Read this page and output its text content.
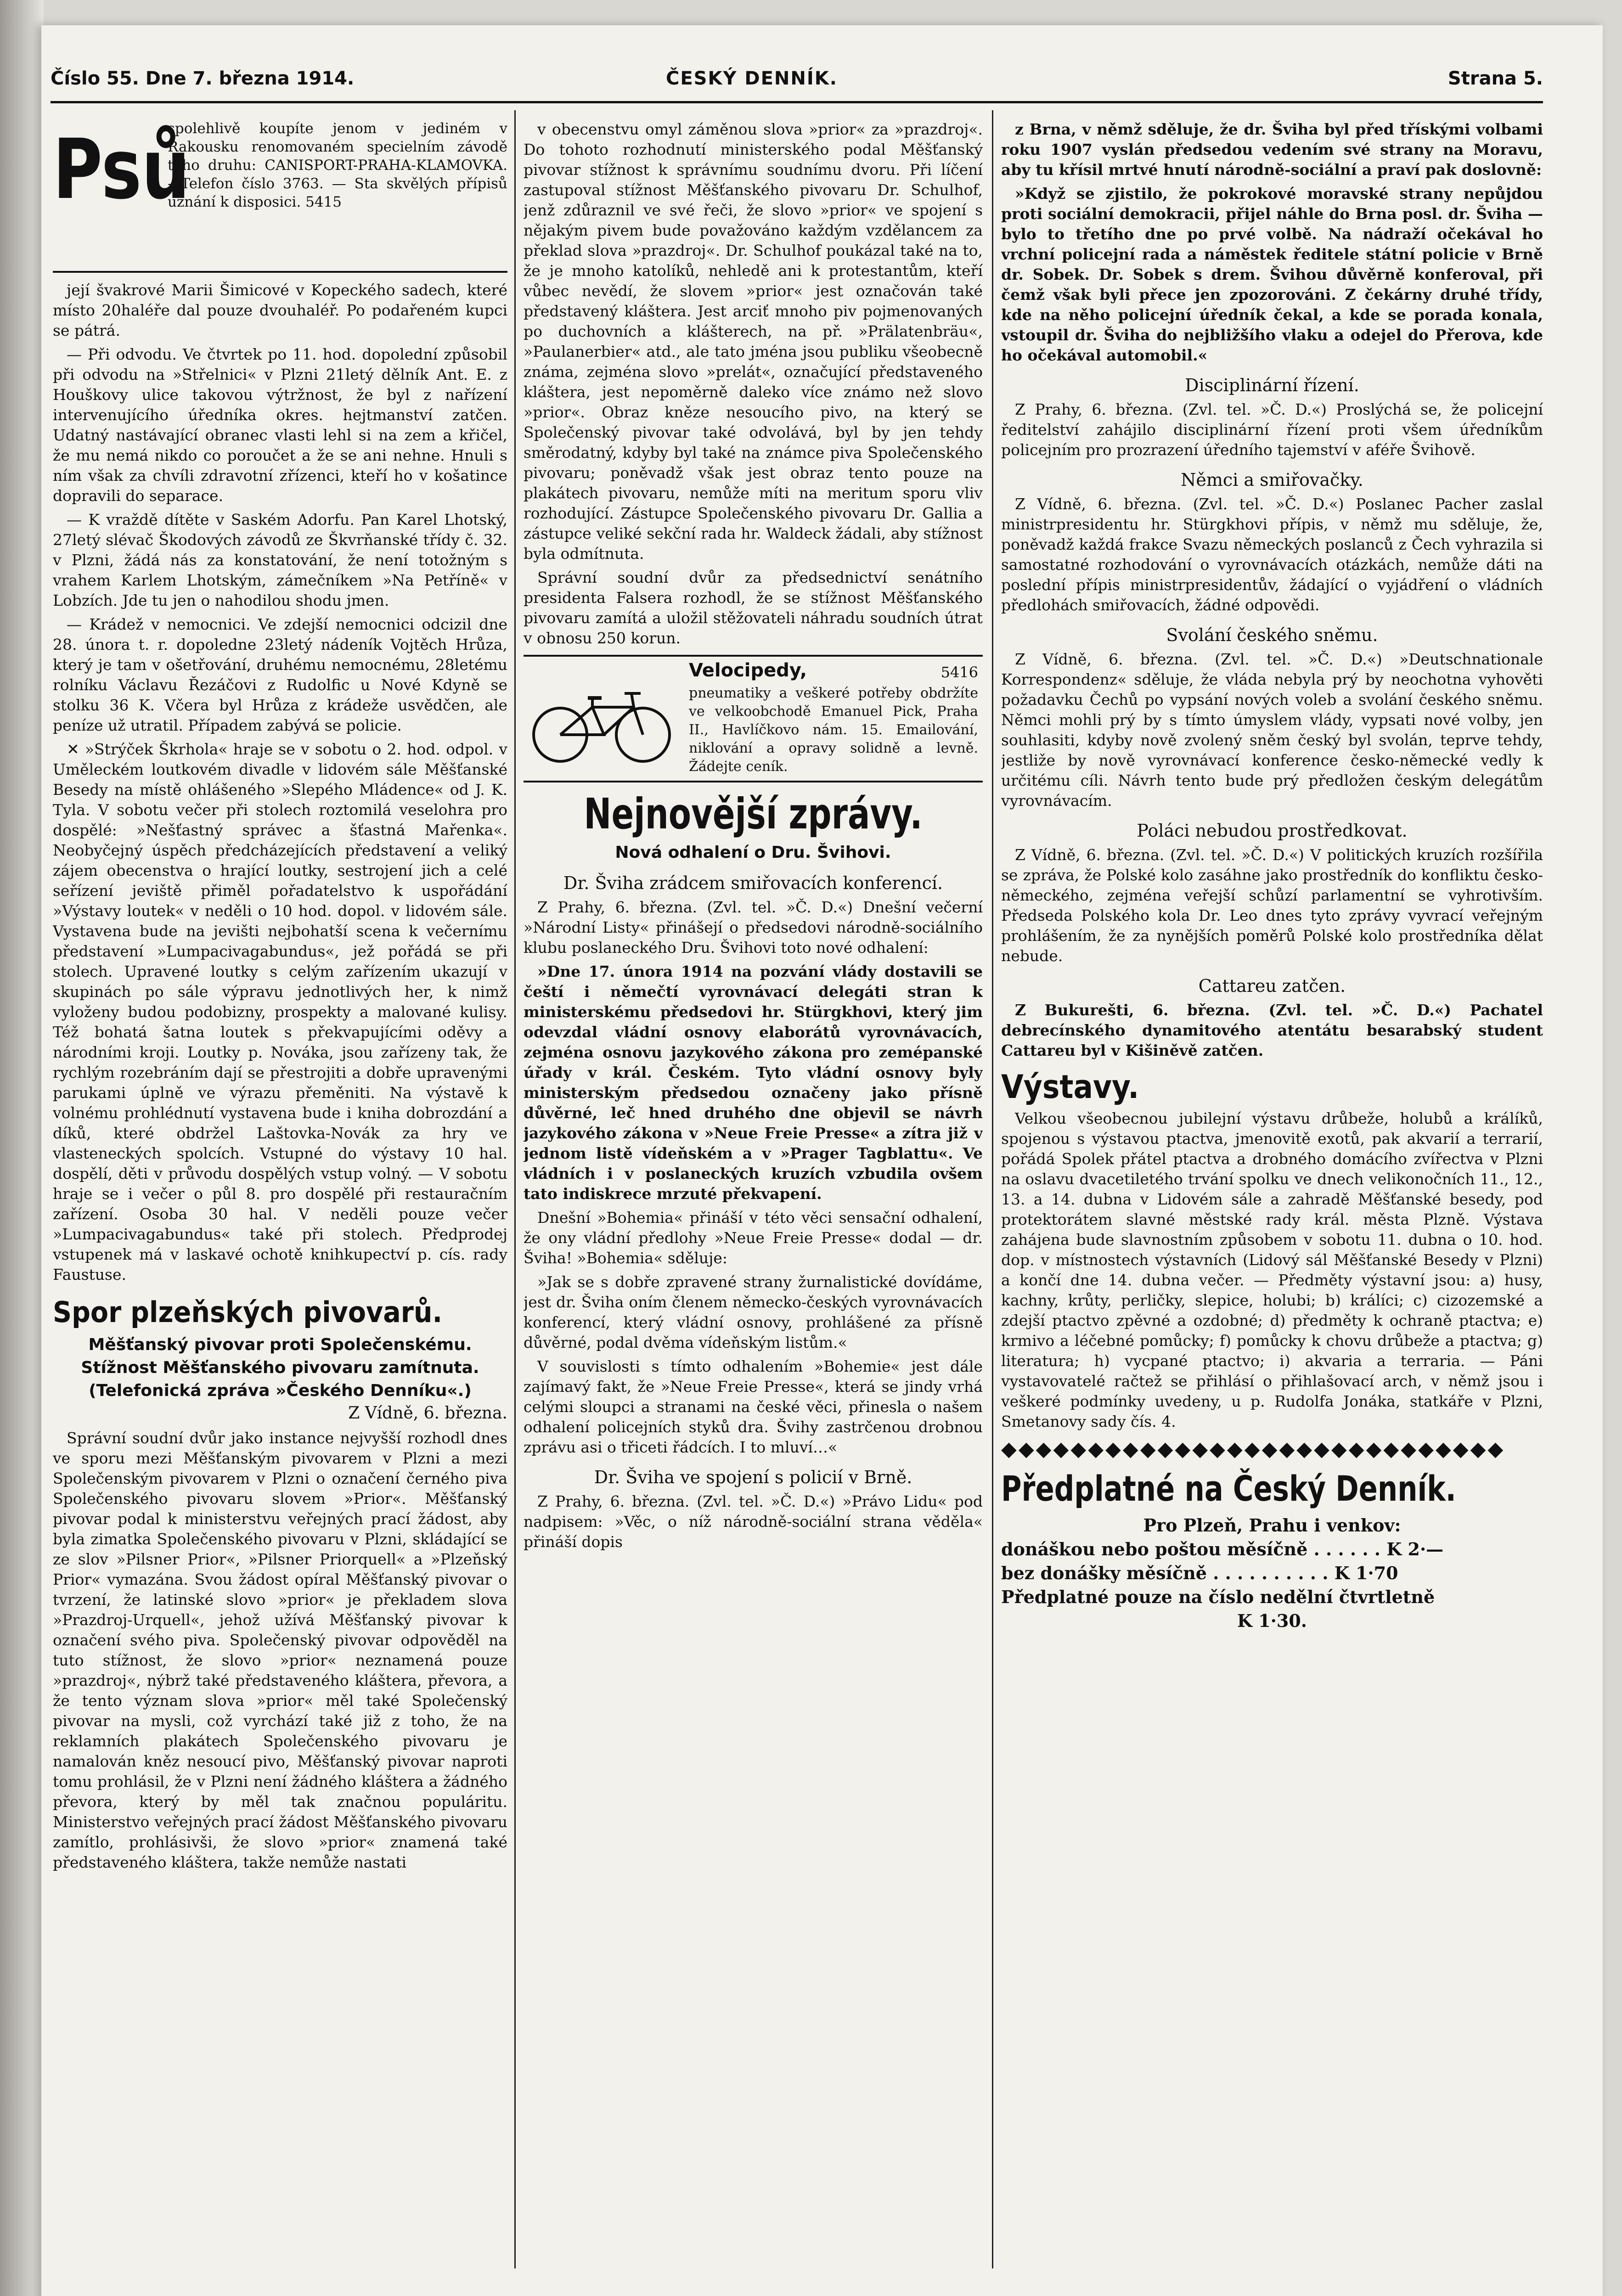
Číslo 55. Dne 7. března 1914.	ČESKÝ DENNÍK.	Strana 5.
Psů
spolehlivě koupíte jenom v jediném v Rakousku renomovaném specielním závodě toho druhu: CANISPORT-PRAHA-KLAMOVKA. - Telefon číslo 3763. — Sta skvělých přípisů uznání k disposici. 5415

její švakrové Marii Šimicové v Kopeckého sadech, které místo 20haléře dal pouze dvouhaléř. Po podařeném kupci se pátrá.

— Při odvodu. Ve čtvrtek po 11. hod. dopolední způsobil při odvodu na »Střelnici« v Plzni 21letý dělník Ant. E. z Houškovy ulice takovou výtržnost, že byl z nařízení intervenujícího úředníka okres. hejtmanství zatčen. Udatný nastávající obranec vlasti lehl si na zem a křičel, že mu nemá nikdo co poroučet a že se ani nehne. Hnuli s ním však za chvíli zdravotní zřízenci, kteří ho v košatince dopravili do separace.

— K vraždě dítěte v Saském Adorfu. Pan Karel Lhotský, 27letý slévač Škodových závodů ze Škvrňanské třídy č. 32. v Plzni, žádá nás za konstatování, že není totožným s vrahem Karlem Lhotským, zámečníkem »Na Petříně« v Lobzích. Jde tu jen o nahodilou shodu jmen.

— Krádež v nemocnici. Ve zdejší nemocnici odcizil dne 28. února t. r. dopoledne 23letý nádeník Vojtěch Hrůza, který je tam v ošetřování, druhému nemocnému, 28letému rolníku Václavu Řezáčovi z Rudolfic u Nové Kdyně se stolku 36 K. Včera byl Hrůza z krádeže usvědčen, ale peníze už utratil. Případem zabývá se policie.

✕ »Strýček Škrhola« hraje se v sobotu o 2. hod. odpol. v Uměleckém loutkovém divadle v lidovém sále Měšťanské Besedy na místě ohlášeného »Slepého Mládence« od J. K. Tyla. V sobotu večer při stolech roztomilá veselohra pro dospělé: »Nešťastný správec a šťastná Mařenka«. Neobyčejný úspěch předcházejících představení a veliký zájem obecenstva o hrající loutky, sestrojení jich a celé seřízení jeviště přiměl pořadatelstvo k uspořádání »Výstavy loutek« v neděli o 10 hod. dopol. v lidovém sále. Vystavena bude na jevišti nejbohatší scena k večernímu představení »Lumpacivagabundus«, jež pořádá se při stolech. Upravené loutky s celým zařízením ukazují v skupinách po sále výpravu jednotlivých her, k nimž vyloženy budou podobizny, prospekty a malované kulisy. Též bohatá šatna loutek s překvapujícími oděvy a národními kroji. Loutky p. Nováka, jsou zařízeny tak, že rychlým rozebráním dají se přestrojiti a dobře upravenými parukami úplně ve výrazu přeměniti. Na výstavě k volnému prohlédnutí vystavena bude i kniha dobrozdání a díků, které obdržel Laštovka-Novák za hry ve vlasteneckých spolcích. Vstupné do výstavy 10 hal. dospělí, děti v průvodu dospělých vstup volný. — V sobotu hraje se i večer o půl 8. pro dospělé při restauračním zařízení. Osoba 30 hal. V neděli pouze večer »Lumpacivagabundus« také při stolech. Předprodej vstupenek má v laskavé ochotě knihkupectví p. cís. rady Faustuse.

Spor plzeňských pivovarů.
Měšťanský pivovar proti Společenskému.
Stížnost Měšťanského pivovaru zamítnuta.
(Telefonická zpráva »Českého Denníku«.)
Z Vídně, 6. března.

Správní soudní dvůr jako instance nejvyšší rozhodl dnes ve sporu mezi Měšťanským pivovarem v Plzni a mezi Společenským pivovarem v Plzni o označení černého piva Společenského pivovaru slovem »Prior«. Měšťanský pivovar podal k ministerstvu veřejných prací žádost, aby byla zimatka Společenského pivovaru v Plzni, skládající se ze slov »Pilsner Prior«, »Pilsner Priorquell« a »Plzeňský Prior« vymazána. Svou žádost opíral Měšťanský pivovar o tvrzení, že latinské slovo »prior« je překladem slova »Prazdroj-Urquell«, jehož užívá Měšťanský pivovar k označení svého piva. Společenský pivovar odpověděl na tuto stížnost, že slovo »prior« neznamená pouze »prazdroj«, nýbrž také představeného kláštera, převora, a že tento význam slova »prior« měl také Společenský pivovar na mysli, což vyrchází také již z toho, že na reklamních plakátech Společenského pivovaru je namalován kněz nesoucí pivo, Měšťanský pivovar naproti tomu prohlásil, že v Plzni není žádného kláštera a žádného převora, který by měl tak značnou populáritu. Ministerstvo veřejných prací žádost Měšťanského pivovaru zamítlo, prohlásivši, že slovo »prior« znamená také představeného kláštera, takže nemůže nastati

v obecenstvu omyl záměnou slova »prior« za »prazdroj«. Do tohoto rozhodnutí ministerského podal Měšťanský pivovar stížnost k správnímu soudnímu dvoru. Při líčení zastupoval stížnost Měšťanského pivovaru Dr. Schulhof, jenž zdůraznil ve své řeči, že slovo »prior« ve spojení s nějakým pivem bude považováno každým vzdělancem za překlad slova »prazdroj«. Dr. Schulhof poukázal také na to, že je mnoho katolíků, nehledě ani k protestantům, kteří vůbec nevědí, že slovem »prior« jest označován také představený kláštera. Jest arciť mnoho piv pojmenovaných po duchovních a klášterech, na př. »Prälatenbräu«, »Paulanerbier« atd., ale tato jména jsou publiku všeobecně známa, zejména slovo »prelát«, označující představeného kláštera, jest nepoměrně daleko více známo než slovo »prior«. Obraz kněze nesoucího pivo, na který se Společenský pivovar také odvolává, byl by jen tehdy směrodatný, kdyby byl také na známce piva Společenského pivovaru; poněvadž však jest obraz tento pouze na plakátech pivovaru, nemůže míti na meritum sporu vliv rozhodující. Zástupce Společenského pivovaru Dr. Gallia a zástupce veliké sekční rada hr. Waldeck žádali, aby stížnost byla odmítnuta.

Správní soudní dvůr za předsednictví senátního presidenta Falsera rozhodl, že se stížnost Měšťanského pivovaru zamítá a uložil stěžovateli náhradu soudních útrat v obnosu 250 korun.

Velocipedy,	5416
pneumatiky a veškeré potřeby obdržíte ve velkoobchodě Emanuel Pick, Praha II., Havlíčkovo nám. 15. Emailování, niklování a opravy solidně a levně. Žádejte ceník.
Nejnovější zprávy.
Nová odhalení o Dru. Švihovi.
Dr. Šviha zrádcem smiřovacích konferencí.

Z Prahy, 6. března. (Zvl. tel. »Č. D.«) Dnešní večerní »Národní Listy« přinášejí o předsedovi národně-sociálního klubu poslaneckého Dru. Švihovi toto nové odhalení:

»Dne 17. února 1914 na pozvání vlády dostavili se čeští i němečtí vyrovnávací delegáti stran k ministerskému předsedovi hr. Stürgkhovi, který jim odevzdal vládní osnovy elaborátů vyrovnávacích, zejména osnovu jazykového zákona pro zemépanské úřady v král. Českém. Tyto vládní osnovy byly ministerským předsedou označeny jako přísně důvěrné, leč hned druhého dne objevil se návrh jazykového zákona v »Neue Freie Presse« a zítra již v jednom listě vídeňském a v »Prager Tagblattu«. Ve vládních i v poslaneckých kruzích vzbudila ovšem tato indiskrece mrzuté překvapení.

Dnešní »Bohemia« přináší v této věci sensační odhalení, že ony vládní předlohy »Neue Freie Presse« dodal — dr. Šviha! »Bohemia« sděluje:

»Jak se s dobře zpravené strany žurnalistické dovídáme, jest dr. Šviha oním členem německo-českých vyrovnávacích konferencí, který vládní osnovy, prohlášené za přísně důvěrné, podal dvěma vídeňským listům.«

V souvislosti s tímto odhalením »Bohemie« jest dále zajímavý fakt, že »Neue Freie Presse«, která se jindy vrhá celými sloupci a stranami na české věci, přinesla o našem odhalení policejních styků dra. Švihy zastrčenou drobnou zprávu asi o třiceti řádcích. I to mluví…«

Dr. Šviha ve spojení s policií v Brně.

Z Prahy, 6. března. (Zvl. tel. »Č. D.«) »Právo Lidu« pod nadpisem: »Věc, o níž národně-sociální strana věděla« přináší dopis

z Brna, v němž sděluje, že dr. Šviha byl před třískými volbami roku 1907 vyslán předsedou vedením své strany na Moravu, aby tu křísil mrtvé hnutí národně-sociální a praví pak doslovně:

»Když se zjistilo, že pokrokové moravské strany nepůjdou proti sociální demokracii, přijel náhle do Brna posl. dr. Šviha — bylo to třetího dne po prvé volbě. Na nádraží očekával ho vrchní policejní rada a náměstek ředitele státní policie v Brně dr. Sobek. Dr. Sobek s drem. Švihou důvěrně konferoval, při čemž však byli přece jen zpozorováni. Z čekárny druhé třídy, kde na něho policejní úředník čekal, a kde se porada konala, vstoupil dr. Šviha do nejbližšího vlaku a odejel do Přerova, kde ho očekával automobil.«

Disciplinární řízení.

Z Prahy, 6. března. (Zvl. tel. »Č. D.«) Proslýchá se, že policejní ředitelství zahájilo disciplinární řízení proti všem úředníkům policejním pro prozrazení úředního tajemství v aféře Švihově.

Němci a smiřovačky.

Z Vídně, 6. března. (Zvl. tel. »Č. D.«) Poslanec Pacher zaslal ministrpresidentu hr. Stürgkhovi přípis, v němž mu sděluje, že, poněvadž každá frakce Svazu německých poslanců z Čech vyhrazila si samostatné rozhodování o vyrovnávacích otázkách, nemůže dáti na poslední přípis ministrpresidentův, žádající o vyjádření o vládních předlohách smiřovacích, žádné odpovědi.

Svolání českého sněmu.

Z Vídně, 6. března. (Zvl. tel. »Č. D.«) »Deutschnationale Korrespondenz« sděluje, že vláda nebyla prý by neochotna vyhověti požadavku Čechů po vypsání nových voleb a svolání českého sněmu. Němci mohli prý by s tímto úmyslem vlády, vypsati nové volby, jen souhlasiti, kdyby nově zvolený sněm český byl svolán, teprve tehdy, jestliže by nově vyrovnávací konference česko-německé vedly k určitému cíli. Návrh tento bude prý předložen českým delegátům vyrovnávacím.

Poláci nebudou prostředkovat.

Z Vídně, 6. března. (Zvl. tel. »Č. D.«) V politických kruzích rozšířila se zpráva, že Polské kolo zasáhne jako prostředník do konfliktu česko-německého, zejména veřejší schůzí parlamentní se vyhrotivším. Předseda Polského kola Dr. Leo dnes tyto zprávy vyvrací veřejným prohlášením, že za nynějších poměrů Polské kolo prostředníka dělat nebude.

Cattareu zatčen.

Z Bukurešti, 6. března. (Zvl. tel. »Č. D.«) Pachatel debrecínského dynamitového atentátu besarabský student Cattareu byl v Kišiněvě zatčen.

Výstavy.

Velkou všeobecnou jubilejní výstavu drůbeže, holubů a králíků, spojenou s výstavou ptactva, jmenovitě exotů, pak akvarií a terrarií, pořádá Spolek přátel ptactva a drobného domácího zvířectva v Plzni na oslavu dvacetiletého trvání spolku ve dnech velikonočních 11., 12., 13. a 14. dubna v Lidovém sále a zahradě Měšťanské besedy, pod protektorátem slavné městské rady král. města Plzně. Výstava zahájena bude slavnostním způsobem v sobotu 11. dubna o 10. hod. dop. v místnostech výstavních (Lidový sál Měšťanské Besedy v Plzni) a končí dne 14. dubna večer. — Předměty výstavní jsou: a) husy, kachny, krůty, perličky, slepice, holubi; b) králíci; c) cizozemské a zdejší ptactvo zpěvné a ozdobné; d) předměty k ochraně ptactva; e) krmivo a léčebné pomůcky; f) pomůcky k chovu drůbeže a ptactva; g) literatura; h) vycpané ptactvo; i) akvaria a terraria. — Páni vystavovatelé račtež se přihlásí o přihlašovací arch, v němž jsou i veškeré podmínky uvedeny, u p. Rudolfa Jonáka, statkáře v Plzni, Smetanovy sady čís. 4.

◆◆◆◆◆◆◆◆◆◆◆◆◆◆◆◆◆◆◆◆◆◆◆◆◆◆◆◆◆
Předplatné na Český Denník.
Pro Plzeň, Prahu i venkov:
donáškou nebo poštou měsíčně . . . . . . K 2·—
bez donášky měsíčně . . . . . . . . . . K 1·70
Předplatné pouze na číslo nedělní čtvrtletně
K 1·30.
